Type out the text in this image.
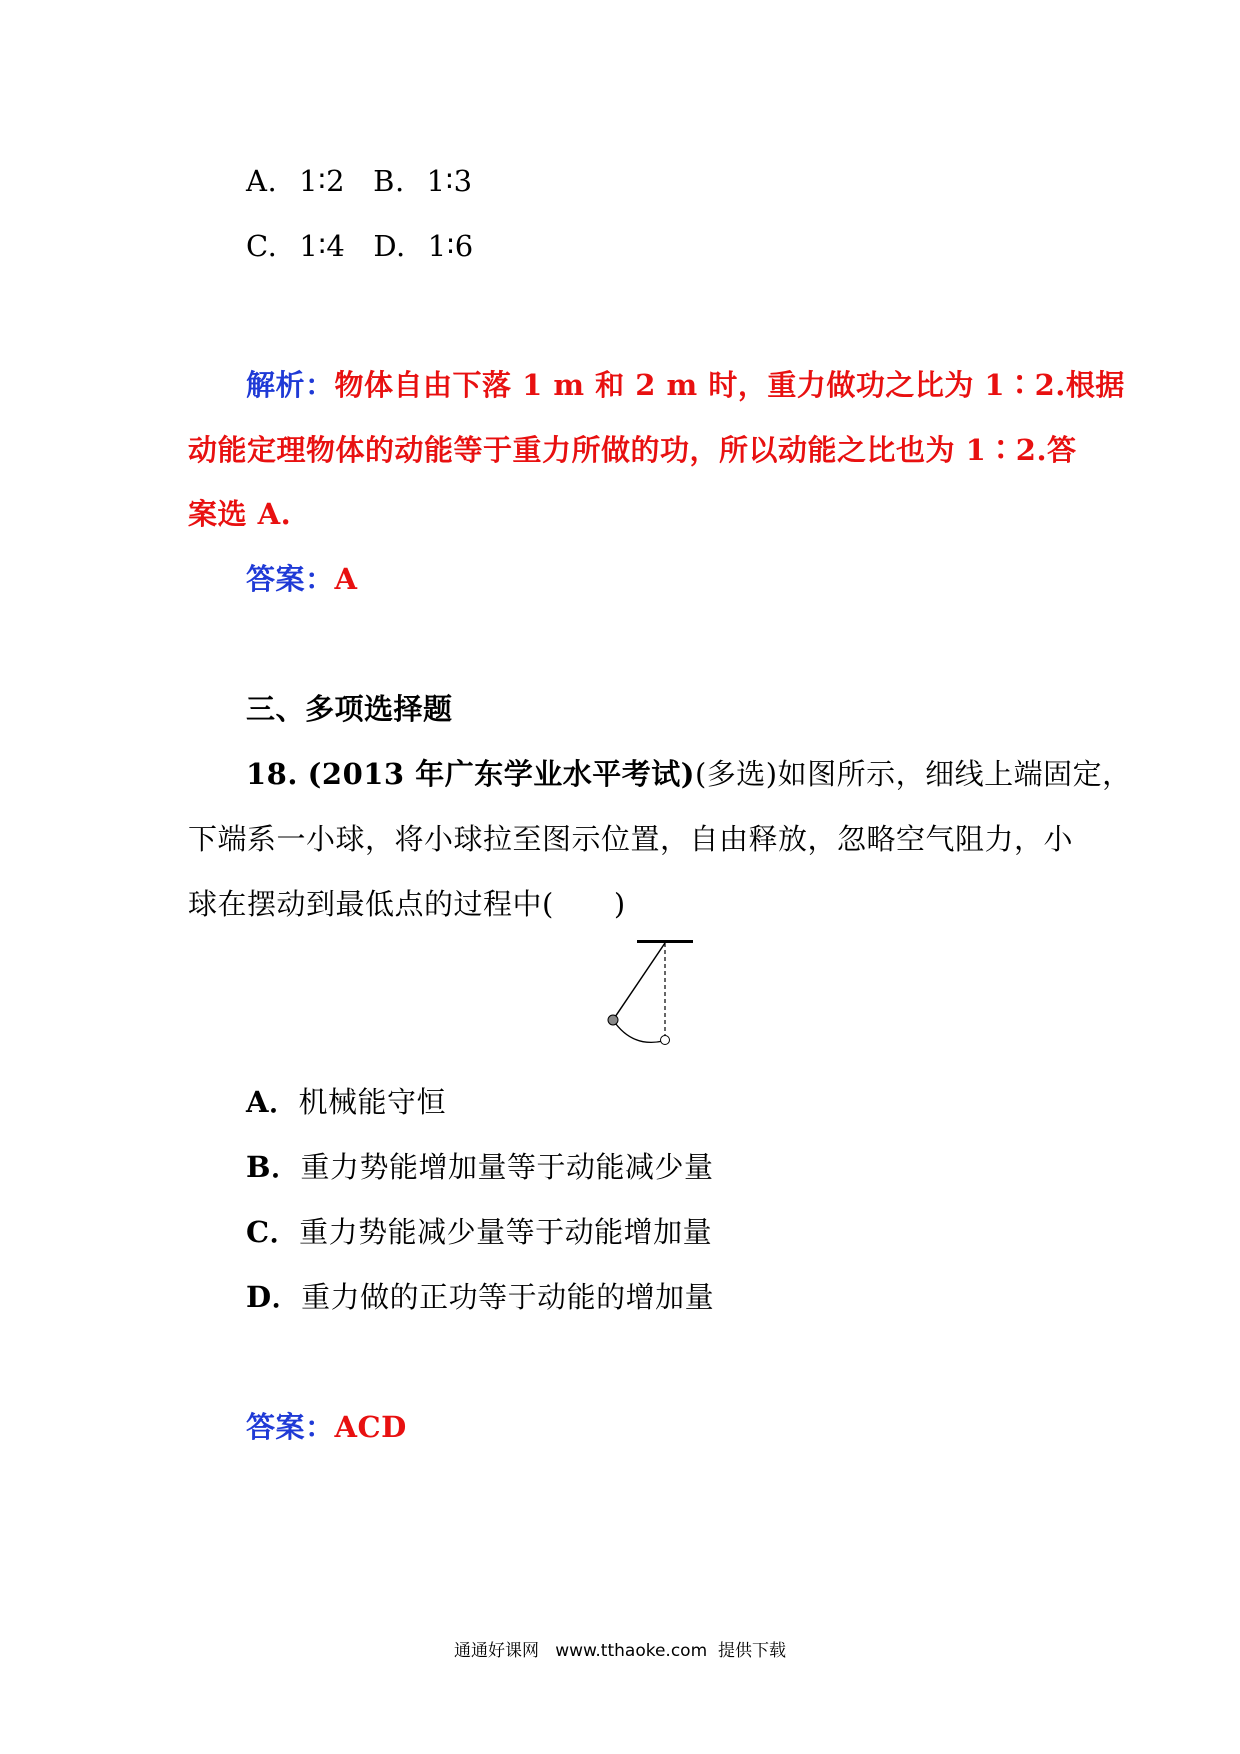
A. 1∶2 B. 1∶3
C. 1∶4 D. 1∶6
解析：物体自由下落 1 m 和 2 m 时，重力做功之比为 1∶2.根据
动能定理物体的动能等于重力所做的功，所以动能之比也为 1∶2.答
案选 A.
答案：A
三、多项选择题
18. (2013 年广东学业水平考试)(多选)如图所示，细线上端固定，
下端系一小球，将小球拉至图示位置，自由释放，忽略空气阻力，小
球在摆动到最低点的过程中( )
A．机械能守恒
B．重力势能增加量等于动能减少量
C．重力势能减少量等于动能增加量
D．重力做的正功等于动能的增加量
答案：ACD
通通好课网   www.tthaoke.com  提供下载
